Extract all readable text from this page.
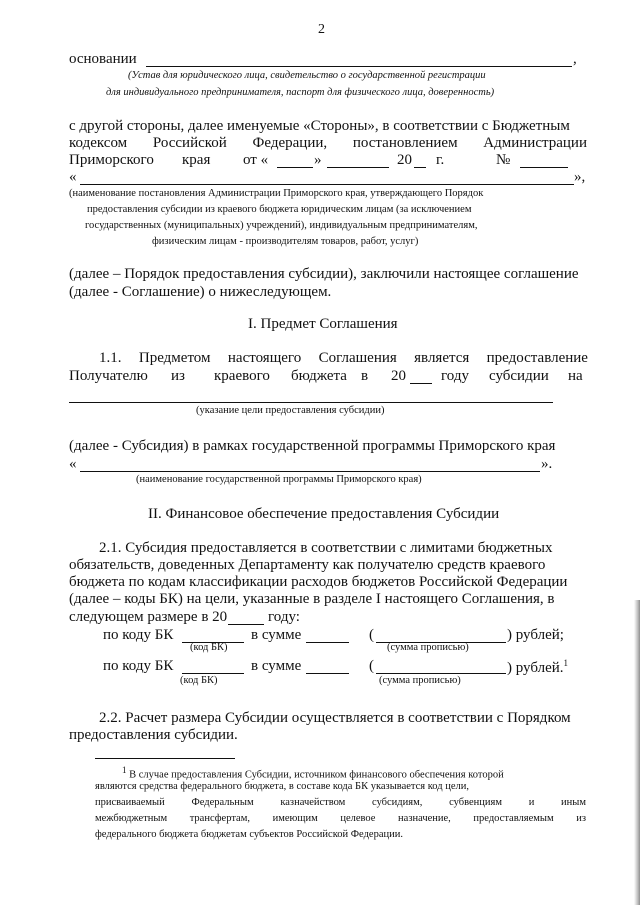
2
основании	,
(Устав для юридического лица, свидетельство о государственной регистрации
для индивидуального предпринимателя, паспорт для физического лица, доверенность)
с другой стороны, далее именуемые «Стороны», в соответствии с Бюджетным
кодексом Российской Федерации, постановлением Администрации
Приморского края от «	»	20 г.	№
«	»,
(наименование постановления Администрации Приморского края, утверждающего Порядок
предоставления субсидии из краевого бюджета юридическим лицам (за исключением
государственных (муниципальных) учреждений), индивидуальным предпринимателям,
физическим лицам - производителям товаров, работ, услуг)
(далее – Порядок предоставления субсидии), заключили настоящее соглашение
(далее - Соглашение) о нижеследующем.
I. Предмет Соглашения
1.1. Предметом настоящего Соглашения является предоставление
Получателю из краевого бюджета в 20 году субсидии на
(указание цели предоставления субсидии)
(далее - Субсидия) в рамках государственной программы Приморского края
«	».
(наименование государственной программы Приморского края)
II. Финансовое обеспечение предоставления Субсидии
2.1. Субсидия предоставляется в соответствии с лимитами бюджетных
обязательств, доведенных Департаменту как получателю средств краевого
бюджета по кодам классификации расходов бюджетов Российской Федерации
(далее – коды БК) на цели, указанные в разделе I настоящего Соглашения, в
следующем размере в 20	году:
по коду БК	в сумме	(	) рублей;
(код БК)	(сумма прописью)
по коду БК	в сумме	(	) рублей.$^1$
(код БК)	(сумма прописью)
2.2. Расчет размера Субсидии осуществляется в соответствии с Порядком
предоставления субсидии.
$^1$ В случае предоставления Субсидии, источником финансового обеспечения которой
являются средства федерального бюджета, в составе кода БК указывается код цели,
присваиваемый	Федеральным	казначейством	субсидиям,	субвенциям	и	иным
межбюджетным трансфертам, имеющим целевое назначение, предоставляемым из
федерального бюджета бюджетам субъектов Российской Федерации.
